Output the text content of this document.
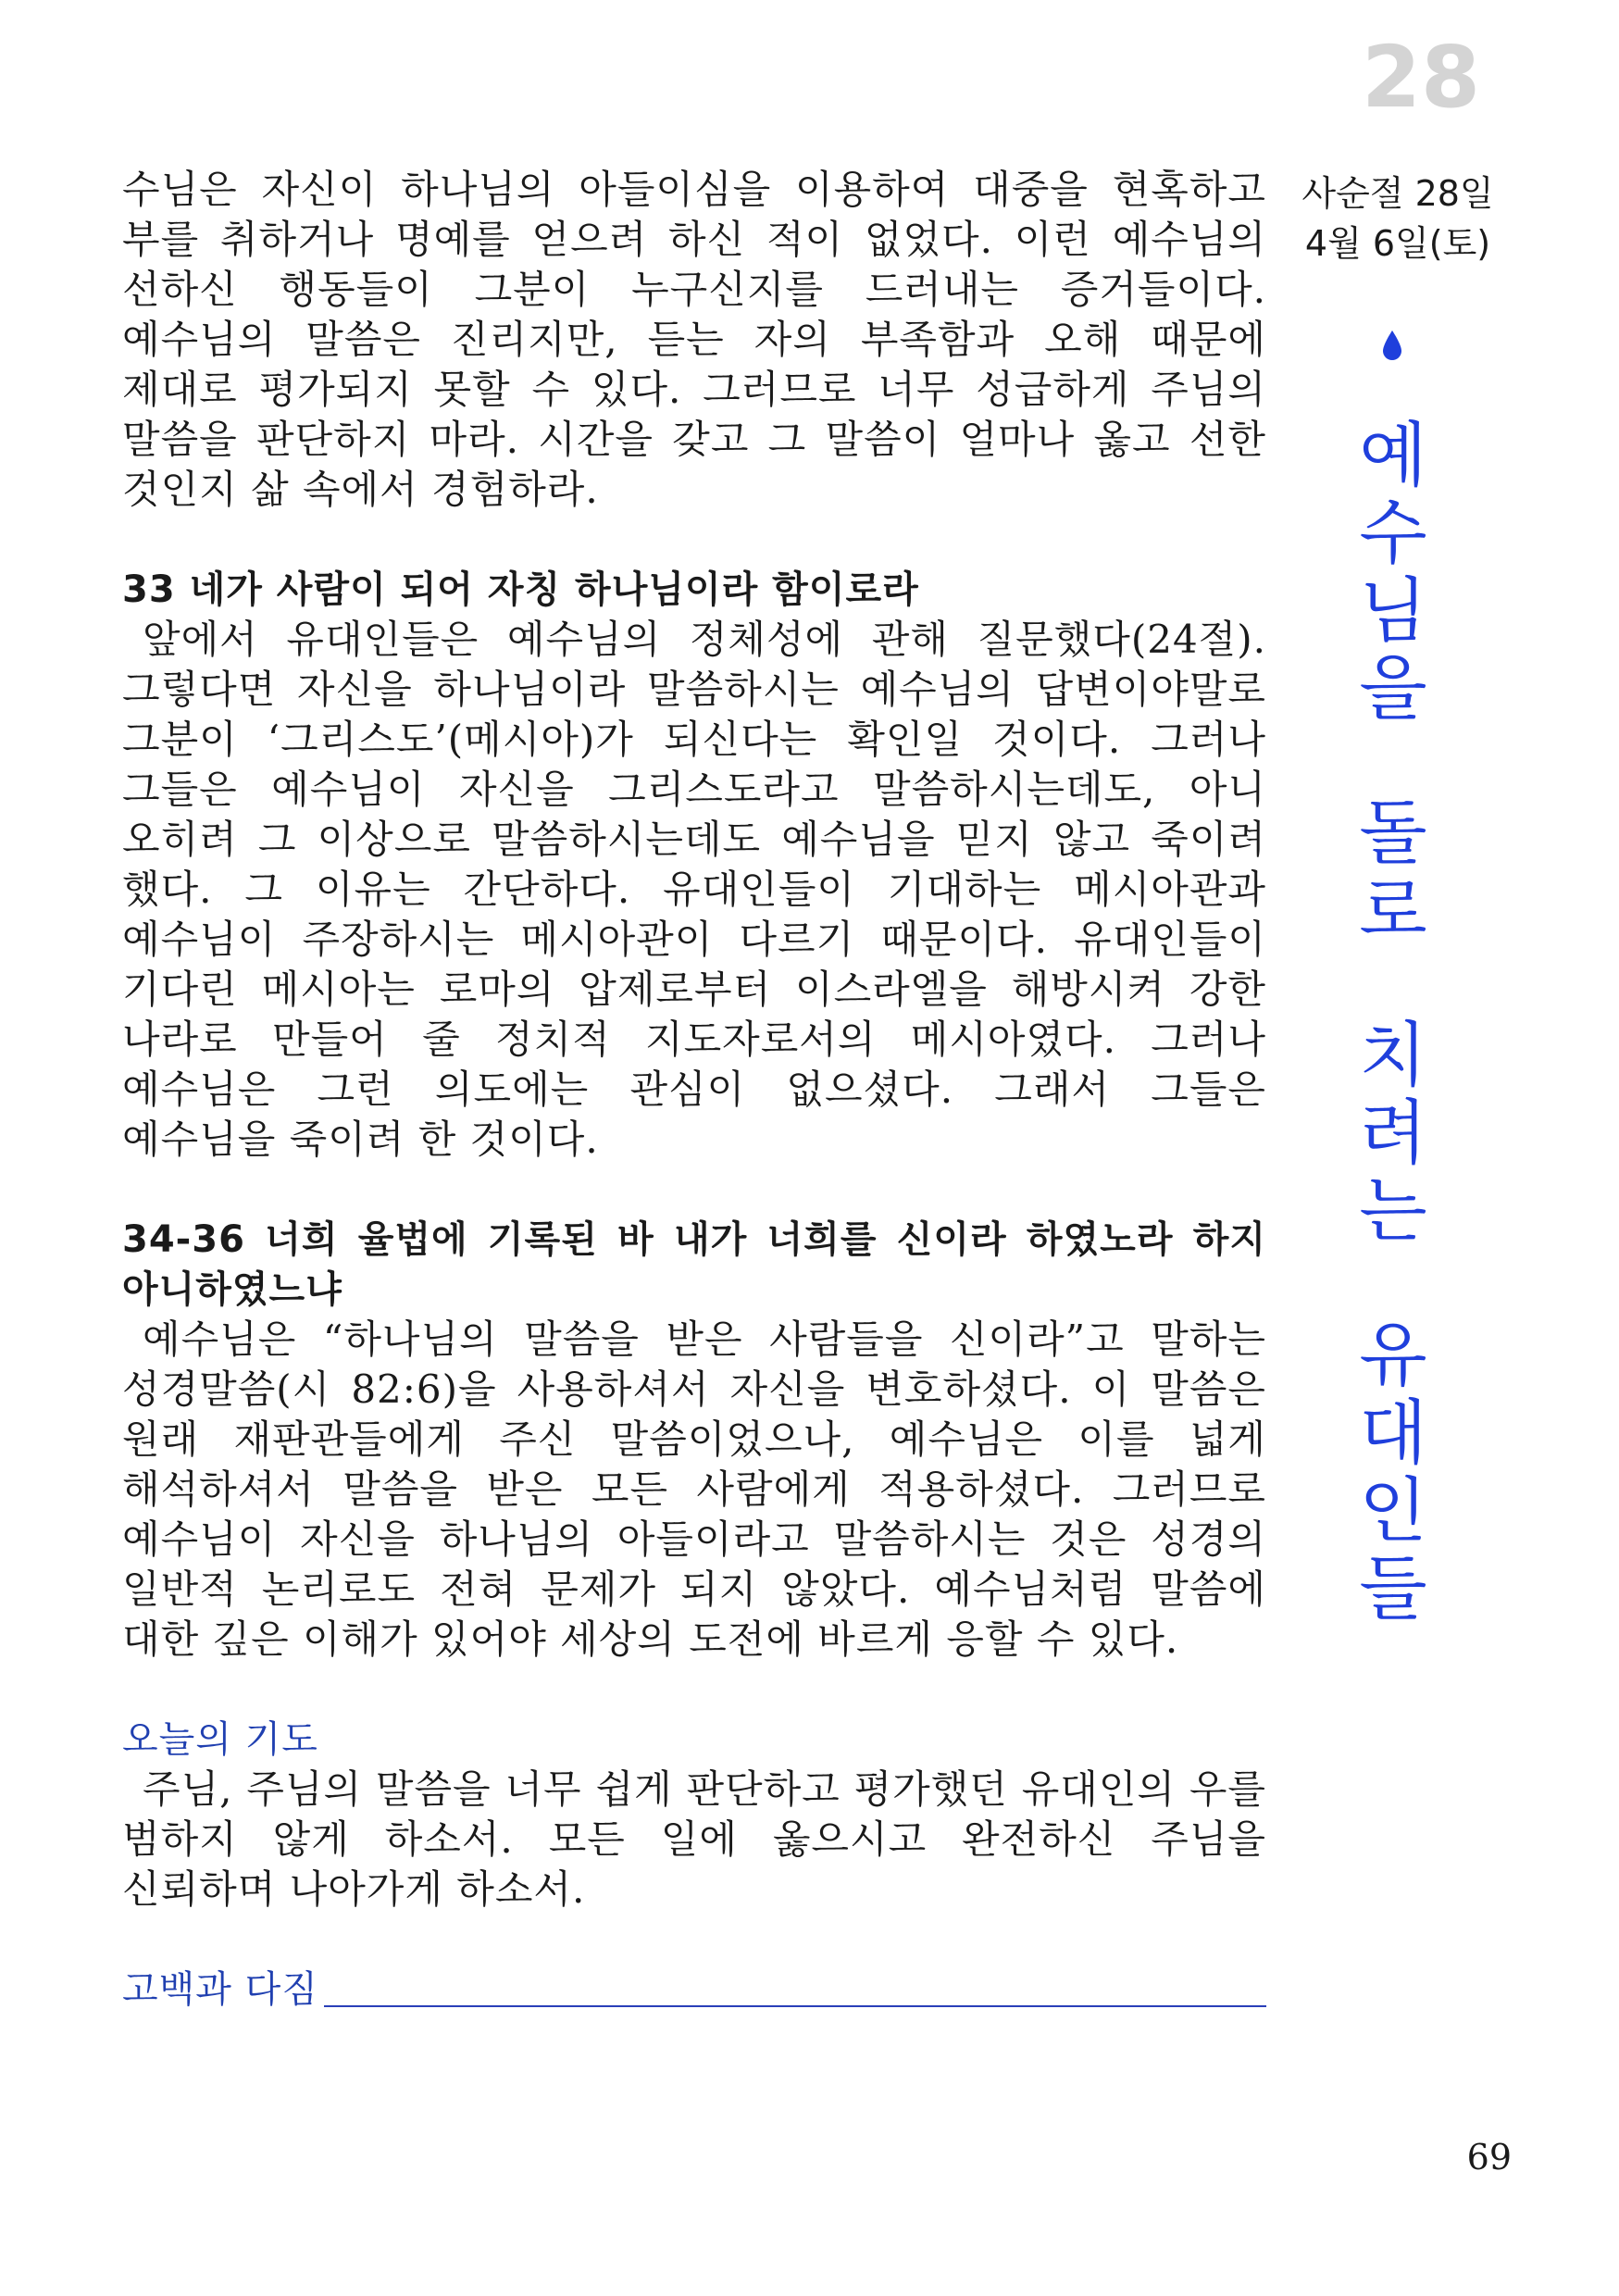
28

수님은 자신이 하나님의 아들이심을 이용하여 대중을 현혹하고 부를 취하거나 명예를 얻으려 하신 적이 없었다. 이런 예수님의 선하신 행동들이 그분이 누구신지를 드러내는 증거들이다. 예수님의 말씀은 진리지만, 듣는 자의 부족함과 오해 때문에 제대로 평가되지 못할 수 있다. 그러므로 너무 성급하게 주님의 말씀을 판단하지 마라. 시간을 갖고 그 말씀이 얼마나 옳고 선한 것인지 삶 속에서 경험하라.

33 네가 사람이 되어 자칭 하나님이라 함이로라

앞에서 유대인들은 예수님의 정체성에 관해 질문했다(24절). 그렇다면 자신을 하나님이라 말씀하시는 예수님의 답변이야말로 그분이 ‘그리스도’(메시아)가 되신다는 확인일 것이다. 그러나 그들은 예수님이 자신을 그리스도라고 말씀하시는데도, 아니 오히려 그 이상으로 말씀하시는데도 예수님을 믿지 않고 죽이려 했다. 그 이유는 간단하다. 유대인들이 기대하는 메시아관과 예수님이 주장하시는 메시아관이 다르기 때문이다. 유대인들이 기다린 메시아는 로마의 압제로부터 이스라엘을 해방시켜 강한 나라로 만들어 줄 정치적 지도자로서의 메시아였다. 그러나 예수님은 그런 의도에는 관심이 없으셨다. 그래서 그들은 예수님을 죽이려 한 것이다.

34-36 너희 율법에 기록된 바 내가 너희를 신이라 하였노라 하지 아니하였느냐

예수님은 “하나님의 말씀을 받은 사람들을 신이라”고 말하는 성경말씀(시 82:6)을 사용하셔서 자신을 변호하셨다. 이 말씀은 원래 재판관들에게 주신 말씀이었으나, 예수님은 이를 넓게 해석하셔서 말씀을 받은 모든 사람에게 적용하셨다. 그러므로 예수님이 자신을 하나님의 아들이라고 말씀하시는 것은 성경의 일반적 논리로도 전혀 문제가 되지 않았다. 예수님처럼 말씀에 대한 깊은 이해가 있어야 세상의 도전에 바르게 응할 수 있다.

오늘의 기도

주님, 주님의 말씀을 너무 쉽게 판단하고 평가했던 유대인의 우를 범하지 않게 하소서. 모든 일에 옳으시고 완전하신 주님을 신뢰하며 나아가게 하소서.

고백과 다짐
사순절 28일
4월 6일(토)
예
수
님
을
돌
로
치
려
는
유
대
인
들
69
